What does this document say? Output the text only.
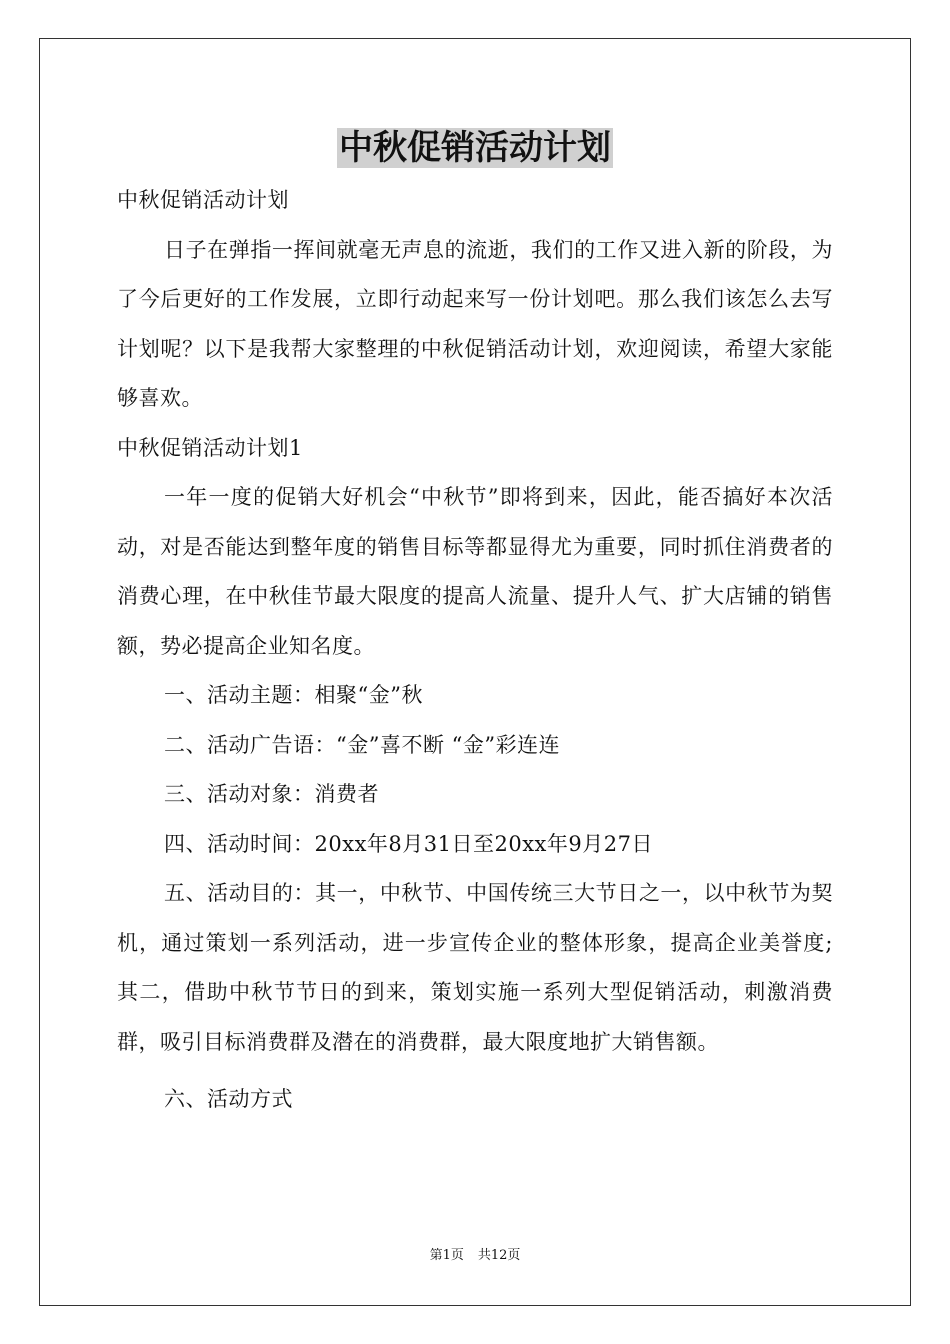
中秋促销活动计划

中秋促销活动计划

日子在弹指一挥间就毫无声息的流逝，我们的工作又进入新的阶段，为了今后更好的工作发展，立即行动起来写一份计划吧。那么我们该怎么去写计划呢？以下是我帮大家整理的中秋促销活动计划，欢迎阅读，希望大家能够喜欢。

中秋促销活动计划1

一年一度的促销大好机会“中秋节”即将到来，因此，能否搞好本次活动，对是否能达到整年度的销售目标等都显得尤为重要，同时抓住消费者的消费心理，在中秋佳节最大限度的提高人流量、提升人气、扩大店铺的销售额，势必提高企业知名度。

一、活动主题：相聚“金”秋

二、活动广告语：“金”喜不断 “金”彩连连

三、活动对象：消费者

四、活动时间：20xx年8月31日至20xx年9月27日

五、活动目的：其一，中秋节、中国传统三大节日之一，以中秋节为契机，通过策划一系列活动，进一步宣传企业的整体形象，提高企业美誉度;其二，借助中秋节节日的到来，策划实施一系列大型促销活动，刺激消费群，吸引目标消费群及潜在的消费群，最大限度地扩大销售额。

六、活动方式

第1页 共12页
